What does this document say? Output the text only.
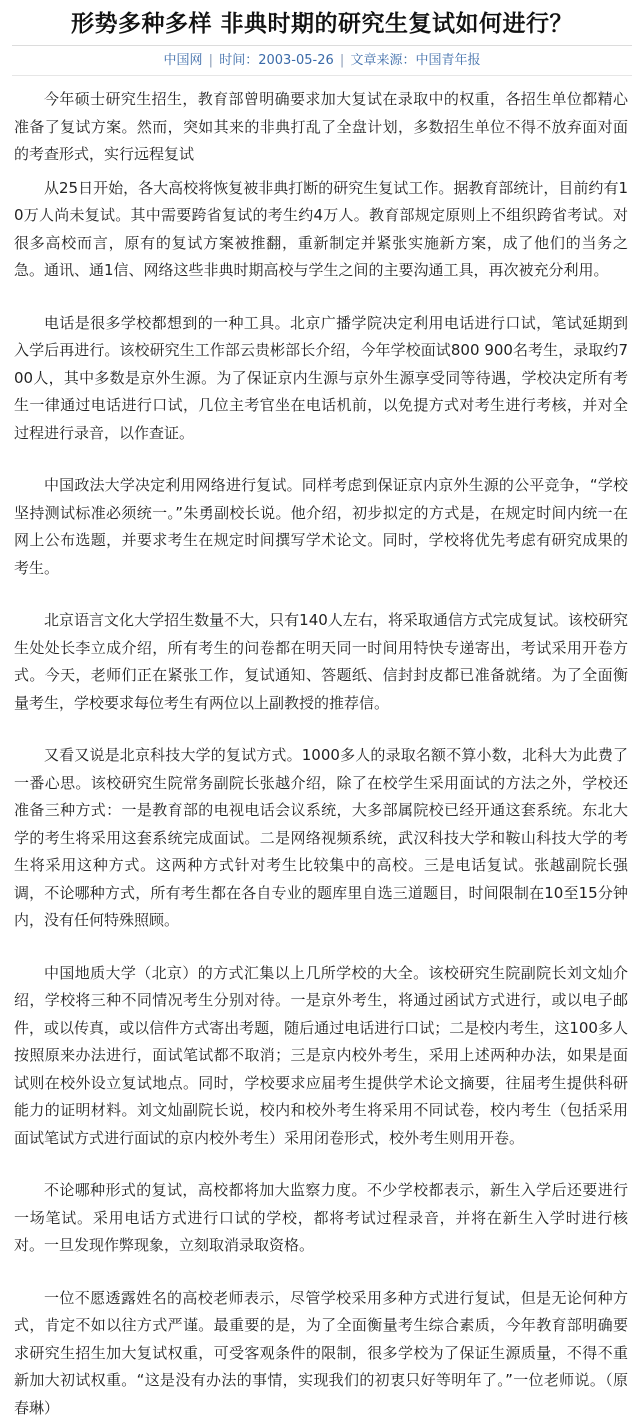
形势多种多样 非典时期的研究生复试如何进行？
中国网 | 时间：2003-05-26 | 文章来源：中国青年报

今年硕士研究生招生，教育部曾明确要求加大复试在录取中的权重，各招生单位都精心准备了复试方案。然而，突如其来的非典打乱了全盘计划，多数招生单位不得不放弃面对面的考查形式，实行远程复试

从25日开始，各大高校将恢复被非典打断的研究生复试工作。据教育部统计，目前约有10万人尚未复试。其中需要跨省复试的考生约4万人。教育部规定原则上不组织跨省考试。对很多高校而言，原有的复试方案被推翻，重新制定并紧张实施新方案，成了他们的当务之急。通讯、通1信、网络这些非典时期高校与学生之间的主要沟通工具，再次被充分利用。

电话是很多学校都想到的一种工具。北京广播学院决定利用电话进行口试，笔试延期到入学后再进行。该校研究生工作部云贵彬部长介绍，今年学校面试800 900名考生，录取约700人，其中多数是京外生源。为了保证京内生源与京外生源享受同等待遇，学校决定所有考生一律通过电话进行口试，几位主考官坐在电话机前，以免提方式对考生进行考核，并对全过程进行录音，以作查证。

中国政法大学决定利用网络进行复试。同样考虑到保证京内京外生源的公平竞争，“学校坚持测试标准必须统一。”朱勇副校长说。他介绍，初步拟定的方式是，在规定时间内统一在网上公布选题，并要求考生在规定时间撰写学术论文。同时，学校将优先考虑有研究成果的考生。

北京语言文化大学招生数量不大，只有140人左右，将采取通信方式完成复试。该校研究生处处长李立成介绍，所有考生的问卷都在明天同一时间用特快专递寄出，考试采用开卷方式。今天，老师们正在紧张工作，复试通知、答题纸、信封封皮都已准备就绪。为了全面衡量考生，学校要求每位考生有两位以上副教授的推荐信。

又看又说是北京科技大学的复试方式。1000多人的录取名额不算小数，北科大为此费了一番心思。该校研究生院常务副院长张越介绍，除了在校学生采用面试的方法之外，学校还准备三种方式：一是教育部的电视电话会议系统，大多部属院校已经开通这套系统。东北大学的考生将采用这套系统完成面试。二是网络视频系统，武汉科技大学和鞍山科技大学的考生将采用这种方式。这两种方式针对考生比较集中的高校。三是电话复试。张越副院长强调，不论哪种方式，所有考生都在各自专业的题库里自选三道题目，时间限制在10至15分钟内，没有任何特殊照顾。

中国地质大学（北京）的方式汇集以上几所学校的大全。该校研究生院副院长刘文灿介绍，学校将三种不同情况考生分别对待。一是京外考生，将通过函试方式进行，或以电子邮件，或以传真，或以信件方式寄出考题，随后通过电话进行口试；二是校内考生，这100多人按照原来办法进行，面试笔试都不取消；三是京内校外考生，采用上述两种办法，如果是面试则在校外设立复试地点。同时，学校要求应届考生提供学术论文摘要，往届考生提供科研能力的证明材料。刘文灿副院长说，校内和校外考生将采用不同试卷，校内考生（包括采用面试笔试方式进行面试的京内校外考生）采用闭卷形式，校外考生则用开卷。

不论哪种形式的复试，高校都将加大监察力度。不少学校都表示，新生入学后还要进行一场笔试。采用电话方式进行口试的学校，都将考试过程录音，并将在新生入学时进行核对。一旦发现作弊现象，立刻取消录取资格。

一位不愿透露姓名的高校老师表示，尽管学校采用多种方式进行复试，但是无论何种方式，肯定不如以往方式严谨。最重要的是，为了全面衡量考生综合素质，今年教育部明确要求研究生招生加大复试权重，可受客观条件的限制，很多学校为了保证生源质量，不得不重新加大初试权重。“这是没有办法的事情，实现我们的初衷只好等明年了。”一位老师说。（原春琳）
